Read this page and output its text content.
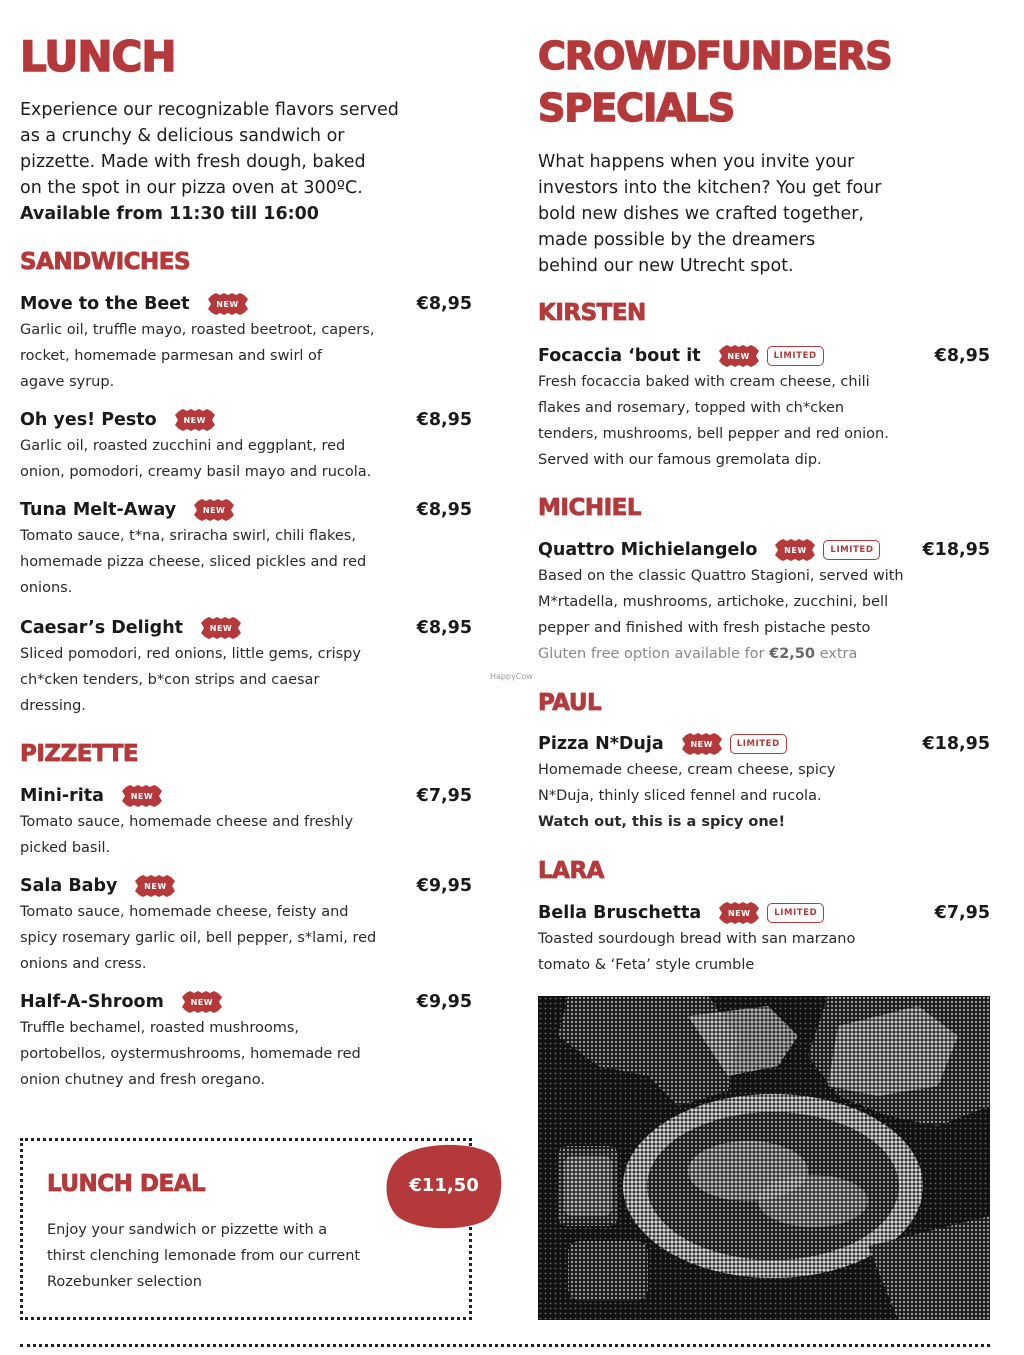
LUNCH
Experience our recognizable flavors served
as a crunchy & delicious sandwich or
pizzette. Made with fresh dough, baked
on the spot in our pizza oven at 300ºC.
Available from 11:30 till 16:00
SANDWICHES
Move to the Beet	NEW	€8,95
Garlic oil, truffle mayo, roasted beetroot, capers,
rocket, homemade parmesan and swirl of
agave syrup.
Oh yes! Pesto	NEW	€8,95
Garlic oil, roasted zucchini and eggplant, red
onion, pomodori, creamy basil mayo and rucola.
Tuna Melt-Away	NEW	€8,95
Tomato sauce, t*na, sriracha swirl, chili flakes,
homemade pizza cheese, sliced pickles and red
onions.
Caesar’s Delight	NEW	€8,95
Sliced pomodori, red onions, little gems, crispy
ch*cken tenders, b*con strips and caesar
dressing.
PIZZETTE
Mini-rita	NEW	€7,95
Tomato sauce, homemade cheese and freshly
picked basil.
Sala Baby	NEW	€9,95
Tomato sauce, homemade cheese, feisty and
spicy rosemary garlic oil, bell pepper, s*lami, red
onions and cress.
Half-A-Shroom	NEW	€9,95
Truffle bechamel, roasted mushrooms,
portobellos, oystermushrooms, homemade red
onion chutney and fresh oregano.
LUNCH DEAL
Enjoy your sandwich or pizzette with a
thirst clenching lemonade from our current
Rozebunker selection
€11,50
CROWDFUNDERS
SPECIALS
What happens when you invite your
investors into the kitchen? You get four
bold new dishes we crafted together,
made possible by the dreamers
behind our new Utrecht spot.
KIRSTEN
Focaccia ‘bout it	NEW	LIMITED	€8,95
Fresh focaccia baked with cream cheese, chili
flakes and rosemary, topped with ch*cken
tenders, mushrooms, bell pepper and red onion.
Served with our famous gremolata dip.
MICHIEL
Quattro Michielangelo	NEW	LIMITED	€18,95
Based on the classic Quattro Stagioni, served with
M*rtadella, mushrooms, artichoke, zucchini, bell
pepper and finished with fresh pistache pesto
Gluten free option available for €2,50 extra
PAUL
Pizza N*Duja	NEW	LIMITED	€18,95
Homemade cheese, cream cheese, spicy
N*Duja, thinly sliced fennel and rucola.
Watch out, this is a spicy one!
LARA
Bella Bruschetta	NEW	LIMITED	€7,95
Toasted sourdough bread with san marzano
tomato & ‘Feta’ style crumble
HappyCow
